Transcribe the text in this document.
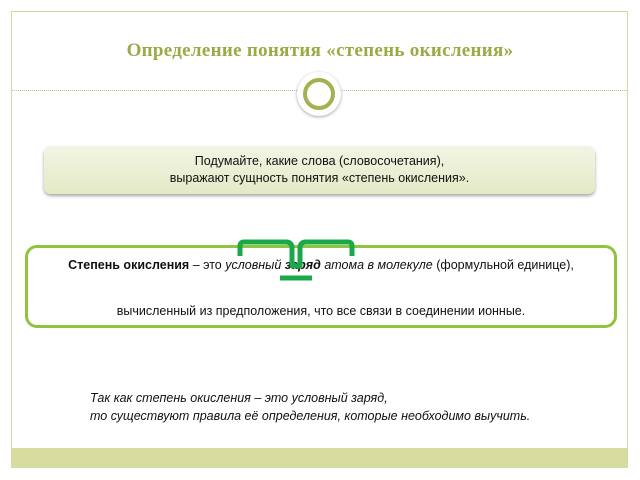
Определение понятия «степень окисления»
Подумайте, какие слова (словосочетания),
выражают сущность понятия «степень окисления».
Степень окисления – это условный заряд атома в молекуле (формульной единице),
вычисленный из предположения, что все связи в соединении ионные.
Так как степень окисления – это условный заряд,
то существуют правила её определения, которые необходимо выучить.
